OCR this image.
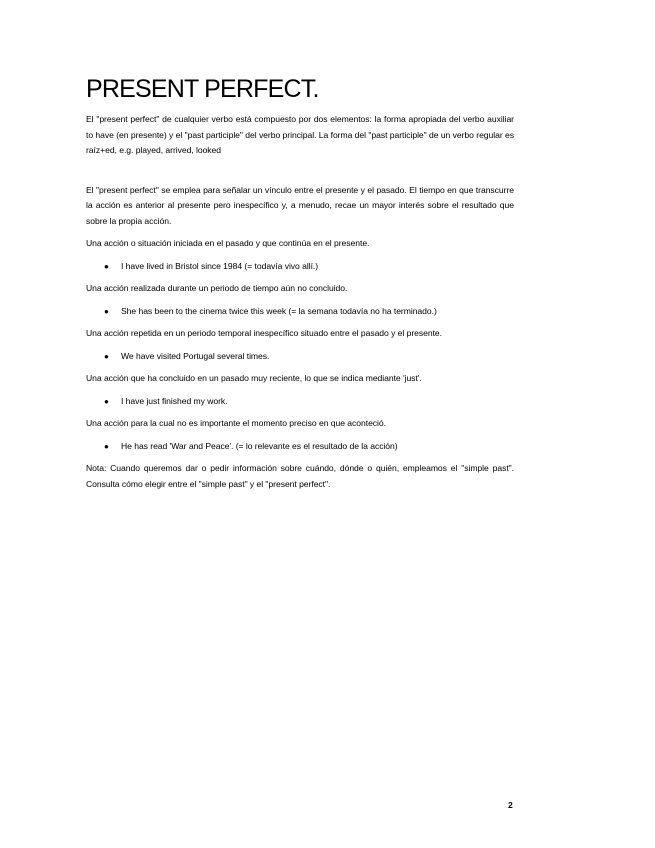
PRESENT PERFECT.

El "present perfect" de cualquier verbo está compuesto por dos elementos: la forma apropiada del verbo auxiliar to have (en presente) y el "past participle" del verbo principal. La forma del "past participle" de un verbo regular es raíz+ed, e.g. played, arrived, looked

El "present perfect" se emplea para señalar un vínculo entre el presente y el pasado. El tiempo en que transcurre la acción es anterior al presente pero inespecífico y, a menudo, recae un mayor interés sobre el resultado que sobre la propia acción.

Una acción o situación iniciada en el pasado y que continúa en el presente.

● I have lived in Bristol since 1984 (= todavía vivo allí.)

Una acción realizada durante un periodo de tiempo aún no concluido.

● She has been to the cinema twice this week (= la semana todavía no ha terminado.)

Una acción repetida en un periodo temporal inespecífico situado entre el pasado y el presente.

● We have visited Portugal several times.

Una acción que ha concluido en un pasado muy reciente, lo que se indica mediante 'just'.

● I have just finished my work.

Una acción para la cual no es importante el momento preciso en que aconteció.

● He has read 'War and Peace'. (= lo relevante es el resultado de la acción)

Nota: Cuando queremos dar o pedir información sobre cuándo, dónde o quién, empleamos el "simple past". Consulta cómo elegir entre el "simple past" y el "present perfect".

2
